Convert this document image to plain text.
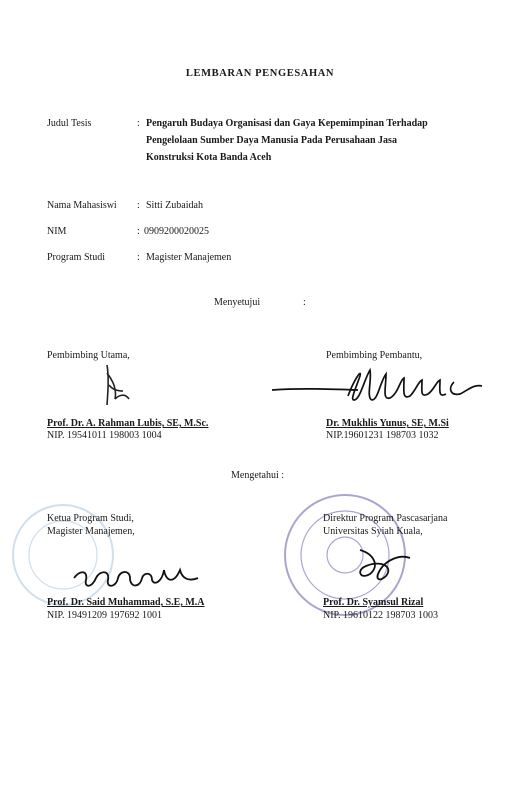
LEMBARAN PENGESAHAN
Judul Tesis	: Pengaruh Budaya Organisasi dan Gaya Kepemimpinan Terhadap
Pengelolaan Sumber Daya Manusia Pada Perusahaan Jasa
Konstruksi Kota Banda Aceh
Nama Mahasiswi : Sitti Zubaidah
NIM	: 0909200020025
Program Studi	: Magister Manajemen
Menyetujui	:
Pembimbing Utama,
Prof. Dr. A. Rahman Lubis, SE, M.Sc.
NIP. 19541011 198003 1004
Pembimbing Pembantu,
Dr. Mukhlis Yunus, SE, M.Si
NIP.19601231 198703 1032
Mengetahui :
Ketua Program Studi,
Magister Manajemen,
Prof. Dr. Said Muhammad, S.E, M.A
NIP. 19491209 197692 1001
Direktur Program Pascasarjana
Universitas Syiah Kuala,
Prof. Dr. Syamsul Rizal
NIP. 19610122 198703 1003
